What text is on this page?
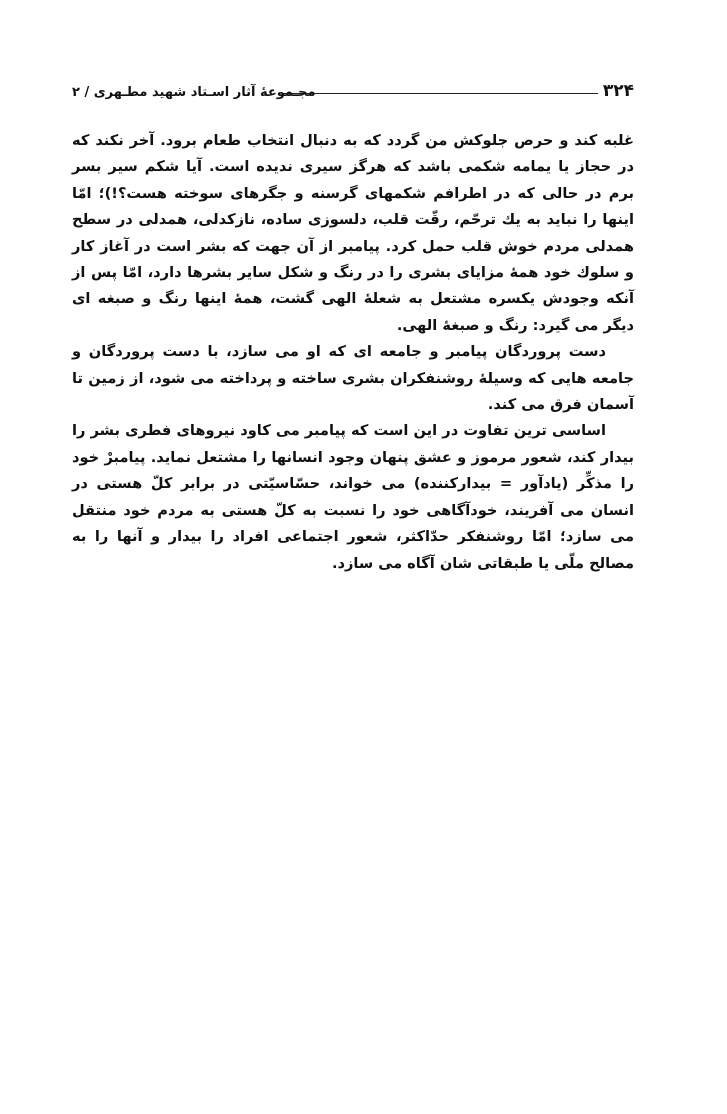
۳۲۴
مجـموعهٔ آثار اسـتاد شهید مطـهری / ۲

غلبه کند و حرص جلوکش من گردد که به دنبال انتخاب طعام برود. آخر نکند که در حجاز یا یمامه شکمی باشد که هرگز سیری ندیده است. آیا شکم سیر بسر برم در حالی که در اطرافم شکمهای گرسنه و جگرهای سوخته هست؟!)؛ امّا اینها را نباید به یك ترحّم، رقّت قلب، دلسوزی ساده، نازکدلی، همدلی در سطح همدلی مردم خوش قلب حمل کرد. پیامبر از آن جهت که بشر است در آغاز کار و سلوك خود همهٔ مزایای بشری را در رنگ و شکل سایر بشرها دارد، امّا پس از آنکه وجودش یکسره مشتعل به شعلهٔ الهی گشت، همهٔ اینها رنگ و صبغه ای دیگر می گیرد: رنگ و صبغهٔ الهی.

دست پروردگان پیامبر و جامعه ای که او می سازد، با دست پروردگان و جامعه هایی که وسیلهٔ روشنفکران بشری ساخته و پرداخته می شود، از زمین تا آسمان فرق می کند.

اساسی ترین تفاوت در این است که پیامبر می کاود نیروهای فطری بشر را بیدار کند، شعور مرموز و عشق پنهان وجود انسانها را مشتعل نماید. پیامبرْ خود را مذکِّر (یادآور = بیدارکننده) می خواند، حسّاسیّتی در برابر کلّ هستی در انسان می آفریند، خودآگاهی خود را نسبت به کلّ هستی به مردم خود منتقل می سازد؛ امّا روشنفکر حدّاکثر، شعور اجتماعی افراد را بیدار و آنها را به مصالح ملّی یا طبقاتی شان آگاه می سازد.
